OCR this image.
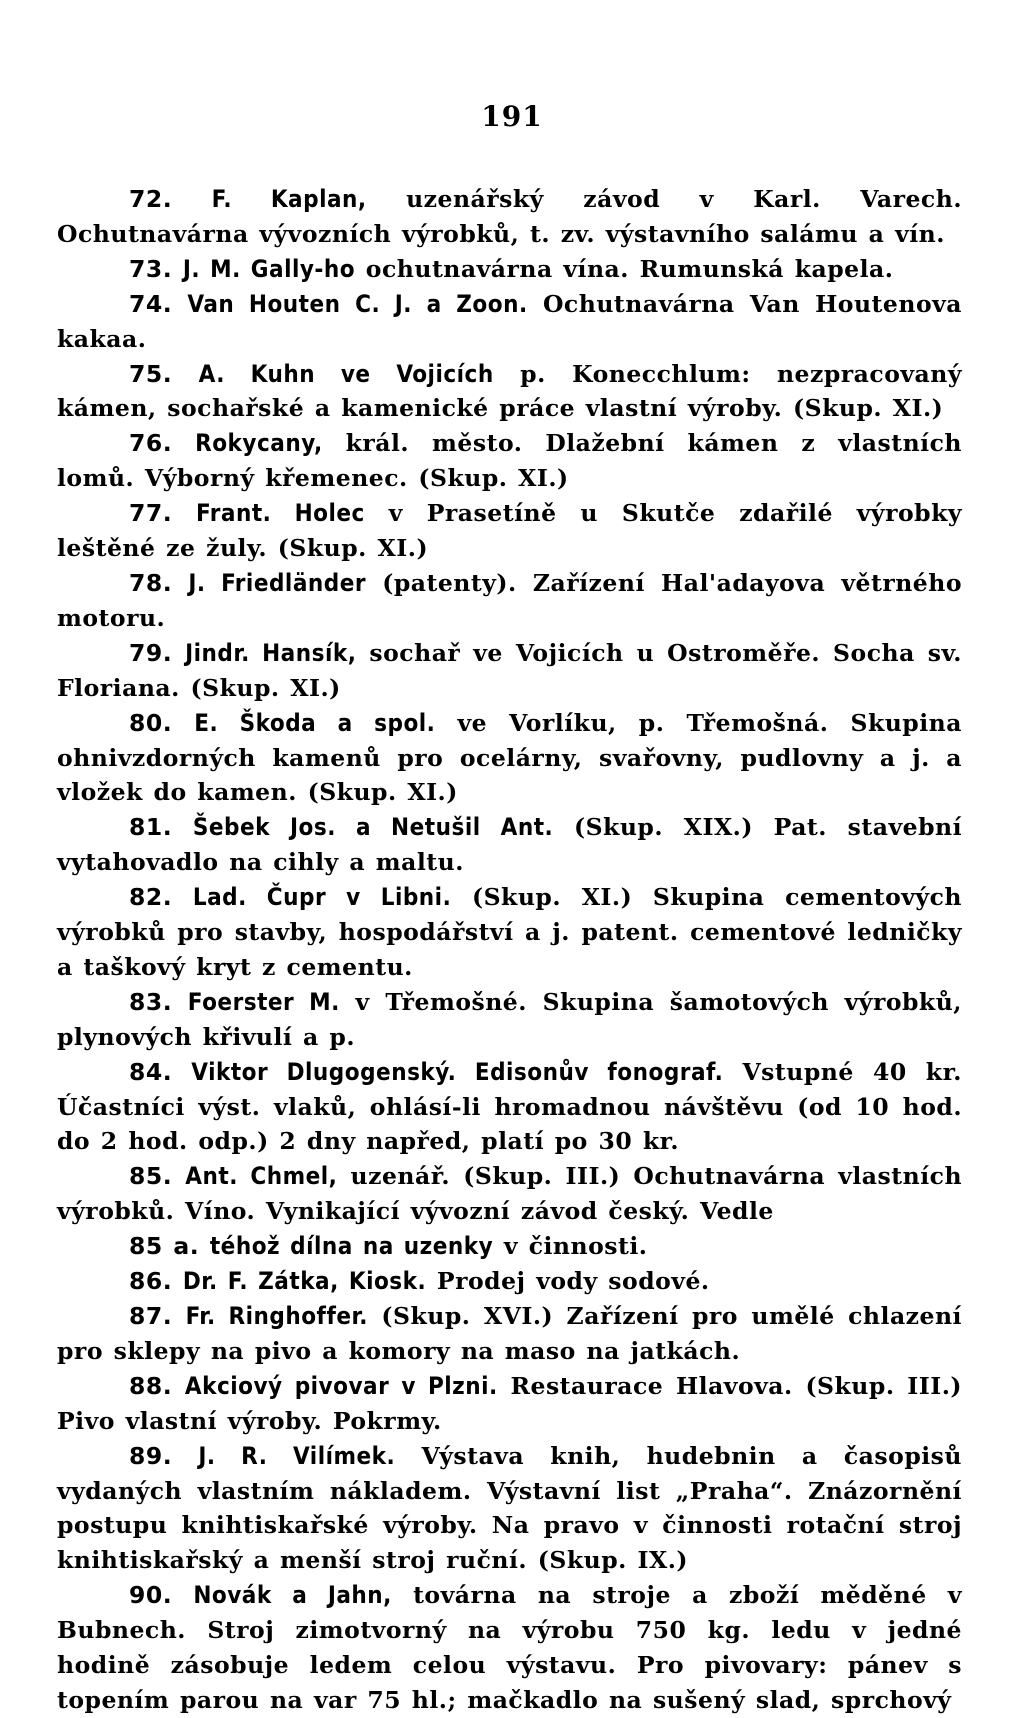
191

72. F. Kaplan, uzenářský závod v Karl. Varech. Ochutnavárna vývozních výrobků, t. zv. výstavního salámu a vín.

73. J. M. Gally-ho ochutnavárna vína. Rumunská kapela.

74. Van Houten C. J. a Zoon. Ochutnavárna Van Houtenova kakaa.

75. A. Kuhn ve Vojicích p. Konecchlum: nezpracovaný kámen, sochařské a kamenické práce vlastní výroby. (Skup. XI.)

76. Rokycany, král. město. Dlažební kámen z vlastních lomů. Výborný křemenec. (Skup. XI.)

77. Frant. Holec v Prasetíně u Skutče zdařilé výrobky leštěné ze žuly. (Skup. XI.)

78. J. Friedländer (patenty). Zařízení Hal'adayova větrného motoru.

79. Jindr. Hansík, sochař ve Vojicích u Ostroměře. Socha sv. Floriana. (Skup. XI.)

80. E. Škoda a spol. ve Vorlíku, p. Třemošná. Skupina ohnivzdorných kamenů pro ocelárny, svařovny, pudlovny a j. a vložek do kamen. (Skup. XI.)

81. Šebek Jos. a Netušil Ant. (Skup. XIX.) Pat. stavební vytahovadlo na cihly a maltu.

82. Lad. Čupr v Libni. (Skup. XI.) Skupina cementových výrobků pro stavby, hospodářství a j. patent. cementové ledničky a taškový kryt z cementu.

83. Foerster M. v Třemošné. Skupina šamotových výrobků, plynových křivulí a p.

84. Viktor Dlugogenský. Edisonův fonograf. Vstupné 40 kr. Účastníci výst. vlaků, ohlásí-li hromadnou návštěvu (od 10 hod. do 2 hod. odp.) 2 dny napřed, platí po 30 kr.

85. Ant. Chmel, uzenář. (Skup. III.) Ochutnavárna vlastních výrobků. Víno. Vynikající vývozní závod český. Vedle

85 a. téhož dílna na uzenky v činnosti.

86. Dr. F. Zátka, Kiosk. Prodej vody sodové.

87. Fr. Ringhoffer. (Skup. XVI.) Zařízení pro umělé chlazení pro sklepy na pivo a komory na maso na jatkách.

88. Akciový pivovar v Plzni. Restaurace Hlavova. (Skup. III.) Pivo vlastní výroby. Pokrmy.

89. J. R. Vilímek. Výstava knih, hudebnin a časopisů vydaných vlastním nákladem. Výstavní list „Praha“. Znázornění postupu knihtiskařské výroby. Na pravo v činnosti rotační stroj knihtiskařský a menší stroj ruční. (Skup. IX.)

90. Novák a Jahn, továrna na stroje a zboží měděné v Bubnech. Stroj zimotvorný na výrobu 750 kg. ledu v jedné hodině zásobuje ledem celou výstavu. Pro pivovary: pánev s topením parou na var 75 hl.; mačkadlo na sušený slad, sprchový
